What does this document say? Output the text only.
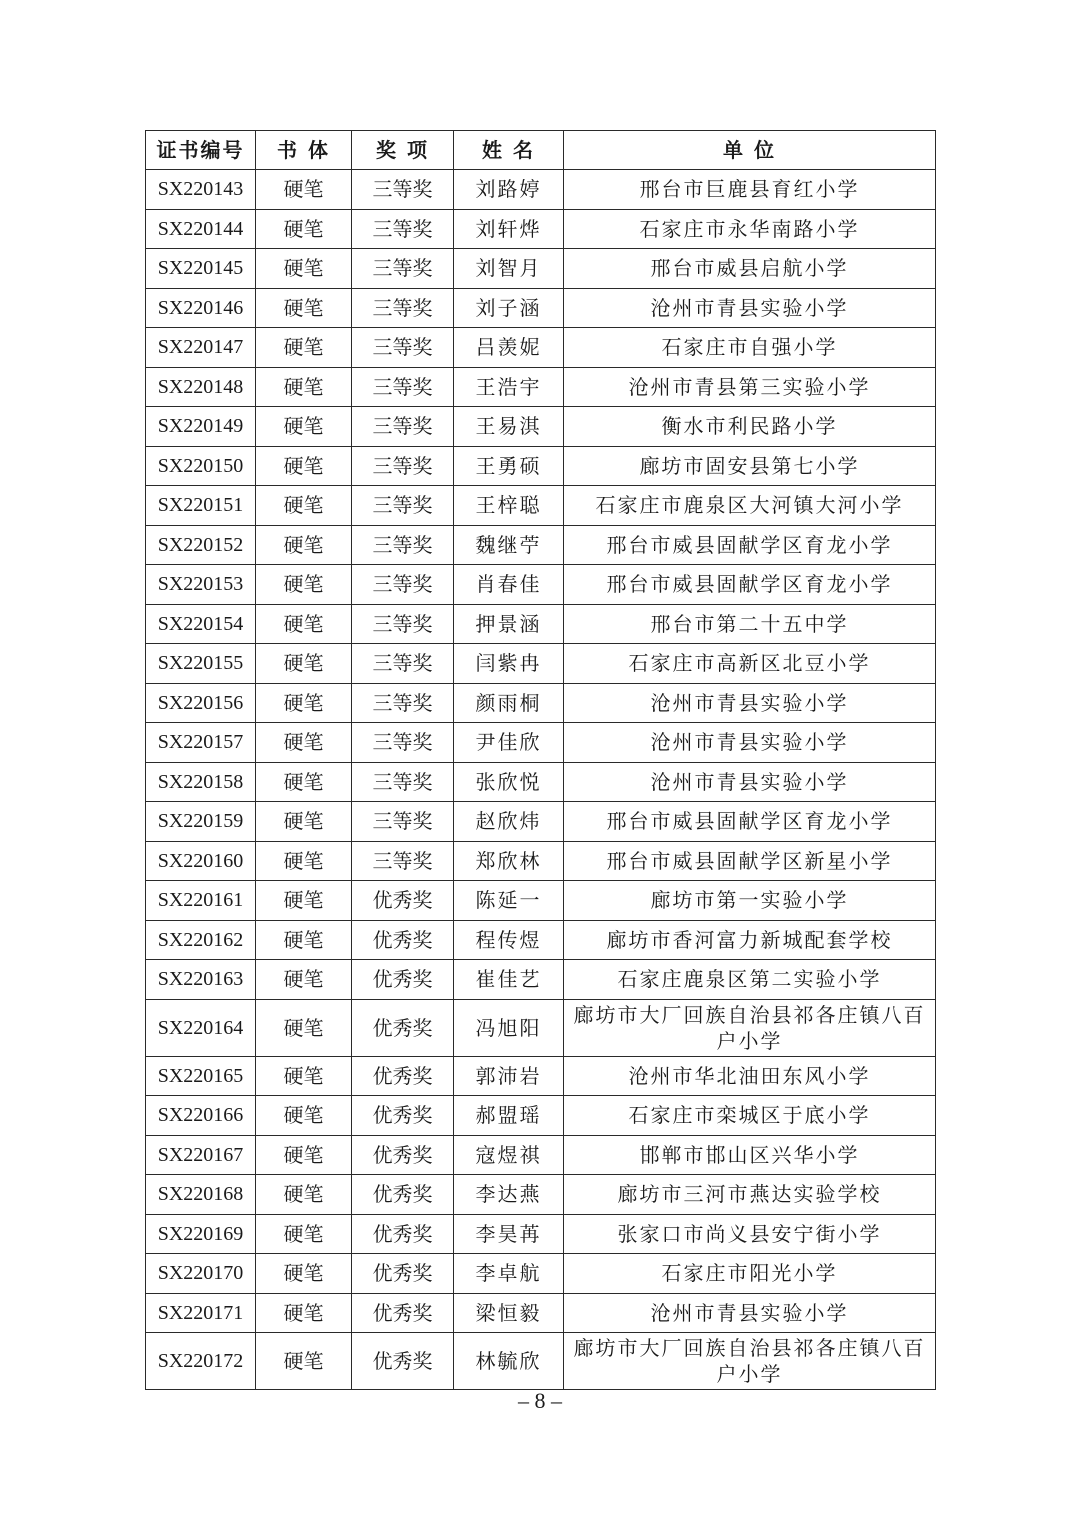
证书编号	书 体	奖 项	姓 名	单 位
SX220143	硬笔	三等奖	刘路婷	邢台市巨鹿县育红小学
SX220144	硬笔	三等奖	刘轩烨	石家庄市永华南路小学
SX220145	硬笔	三等奖	刘智月	邢台市威县启航小学
SX220146	硬笔	三等奖	刘子涵	沧州市青县实验小学
SX220147	硬笔	三等奖	吕羡妮	石家庄市自强小学
SX220148	硬笔	三等奖	王浩宇	沧州市青县第三实验小学
SX220149	硬笔	三等奖	王易淇	衡水市利民路小学
SX220150	硬笔	三等奖	王勇硕	廊坊市固安县第七小学
SX220151	硬笔	三等奖	王梓聪	石家庄市鹿泉区大河镇大河小学
SX220152	硬笔	三等奖	魏继苧	邢台市威县固献学区育龙小学
SX220153	硬笔	三等奖	肖春佳	邢台市威县固献学区育龙小学
SX220154	硬笔	三等奖	押景涵	邢台市第二十五中学
SX220155	硬笔	三等奖	闫紫冉	石家庄市高新区北豆小学
SX220156	硬笔	三等奖	颜雨桐	沧州市青县实验小学
SX220157	硬笔	三等奖	尹佳欣	沧州市青县实验小学
SX220158	硬笔	三等奖	张欣悦	沧州市青县实验小学
SX220159	硬笔	三等奖	赵欣炜	邢台市威县固献学区育龙小学
SX220160	硬笔	三等奖	郑欣林	邢台市威县固献学区新星小学
SX220161	硬笔	优秀奖	陈延一	廊坊市第一实验小学
SX220162	硬笔	优秀奖	程传煜	廊坊市香河富力新城配套学校
SX220163	硬笔	优秀奖	崔佳艺	石家庄鹿泉区第二实验小学
SX220164	硬笔	优秀奖	冯旭阳	廊坊市大厂回族自治县祁各庄镇八百户小学
SX220165	硬笔	优秀奖	郭沛岩	沧州市华北油田东风小学
SX220166	硬笔	优秀奖	郝盟瑶	石家庄市栾城区于底小学
SX220167	硬笔	优秀奖	寇煜祺	邯郸市邯山区兴华小学
SX220168	硬笔	优秀奖	李达燕	廊坊市三河市燕达实验学校
SX220169	硬笔	优秀奖	李昊苒	张家口市尚义县安宁街小学
SX220170	硬笔	优秀奖	李卓航	石家庄市阳光小学
SX220171	硬笔	优秀奖	梁恒毅	沧州市青县实验小学
SX220172	硬笔	优秀奖	林毓欣	廊坊市大厂回族自治县祁各庄镇八百户小学
– 8 –
